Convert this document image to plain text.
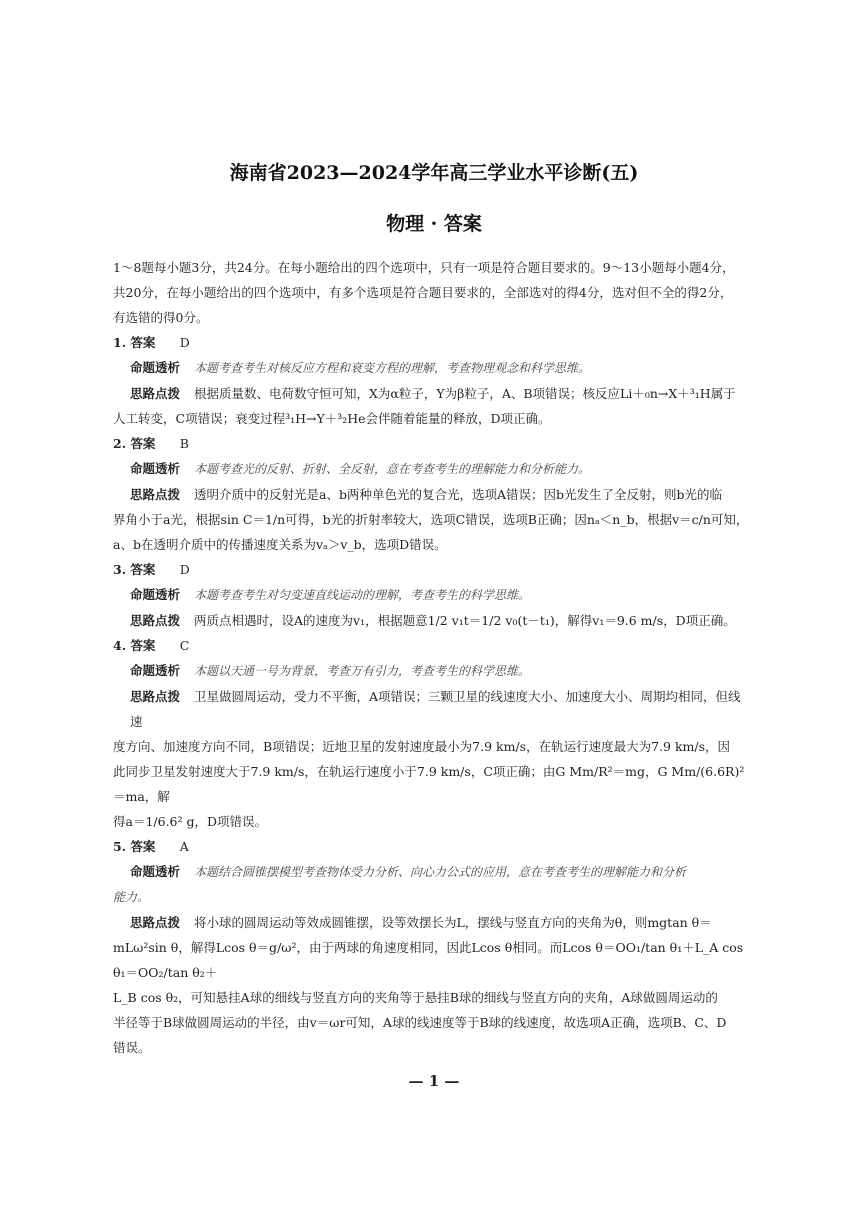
海南省2023—2024学年高三学业水平诊断(五)
物理 · 答案
1～8题每小题3分，共24分。在每小题给出的四个选项中，只有一项是符合题目要求的。9～13小题每小题4分，
共20分，在每小题给出的四个选项中，有多个选项是符合题目要求的，全部选对的得4分，选对但不全的得2分，
有选错的得0分。
1. 答案 D
命题透析 本题考查考生对核反应方程和衰变方程的理解，考查物理观念和科学思维。
思路点拨 根据质量数、电荷数守恒可知，X为α粒子，Y为β粒子，A、B项错误；核反应Li＋₀n→X＋³₁H属于
人工转变，C项错误；衰变过程³₁H→Y＋³₂He会伴随着能量的释放，D项正确。
2. 答案 B
命题透析 本题考查光的反射、折射、全反射，意在考查考生的理解能力和分析能力。
思路点拨 透明介质中的反射光是a、b两种单色光的复合光，选项A错误；因b光发生了全反射，则b光的临
界角小于a光，根据sin C＝1/n可得，b光的折射率较大，选项C错误，选项B正确；因nₐ＜n_b，根据v＝c/n可知，
a、b在透明介质中的传播速度关系为vₐ＞v_b，选项D错误。
3. 答案 D
命题透析 本题考查考生对匀变速直线运动的理解，考查考生的科学思维。
思路点拨 两质点相遇时，设A的速度为v₁，根据题意1/2 v₁t＝1/2 v₀(t－t₁)，解得v₁＝9.6 m/s，D项正确。
4. 答案 C
命题透析 本题以天通一号为背景，考查万有引力，考查考生的科学思维。
思路点拨 卫星做圆周运动，受力不平衡，A项错误；三颗卫星的线速度大小、加速度大小、周期均相同，但线速
度方向、加速度方向不同，B项错误；近地卫星的发射速度最小为7.9 km/s，在轨运行速度最大为7.9 km/s，因
此同步卫星发射速度大于7.9 km/s，在轨运行速度小于7.9 km/s，C项正确；由G Mm/R²＝mg，G Mm/(6.6R)²＝ma，解
得a＝1/6.6² g，D项错误。
5. 答案 A
命题透析 本题结合圆锥摆模型考查物体受力分析、向心力公式的应用，意在考查考生的理解能力和分析
能力。
思路点拨 将小球的圆周运动等效成圆锥摆，设等效摆长为L，摆线与竖直方向的夹角为θ，则mgtan θ＝
mLω²sin θ，解得Lcos θ＝g/ω²，由于两球的角速度相同，因此Lcos θ相同。而Lcos θ＝OO₁/tan θ₁＋L_A cos θ₁＝OO₂/tan θ₂＋
L_B cos θ₂，可知悬挂A球的细线与竖直方向的夹角等于悬挂B球的细线与竖直方向的夹角，A球做圆周运动的
半径等于B球做圆周运动的半径，由v＝ωr可知，A球的线速度等于B球的线速度，故选项A正确，选项B、C、D
错误。
— 1 —
